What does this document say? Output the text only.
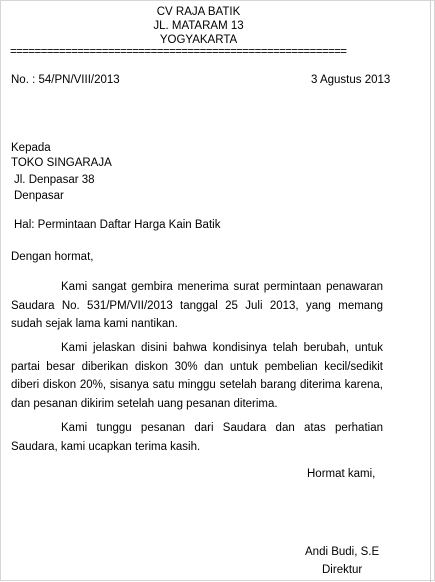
CV RAJA BATIK
JL. MATARAM 13
YOGYAKARTA
=======================================================
No. : 54/PN/VIII/2013	3 Agustus 2013
Kepada
TOKO SINGARAJA
Jl. Denpasar 38
Denpasar
Hal: Permintaan Daftar Harga Kain Batik
Dengan hormat,
Kami sangat gembira menerima surat permintaan penawaran Saudara No. 531/PM/VII/2013 tanggal 25 Juli 2013, yang memang sudah sejak lama kami nantikan.
Kami jelaskan disini bahwa kondisinya telah berubah, untuk partai besar diberikan diskon 30% dan untuk pembelian kecil/sedikit diberi diskon 20%, sisanya satu minggu setelah barang diterima karena, dan pesanan dikirim setelah uang pesanan diterima.
Kami tunggu pesanan dari Saudara dan atas perhatian Saudara, kami ucapkan terima kasih.
Hormat kami,
Andi Budi, S.E
Direktur
